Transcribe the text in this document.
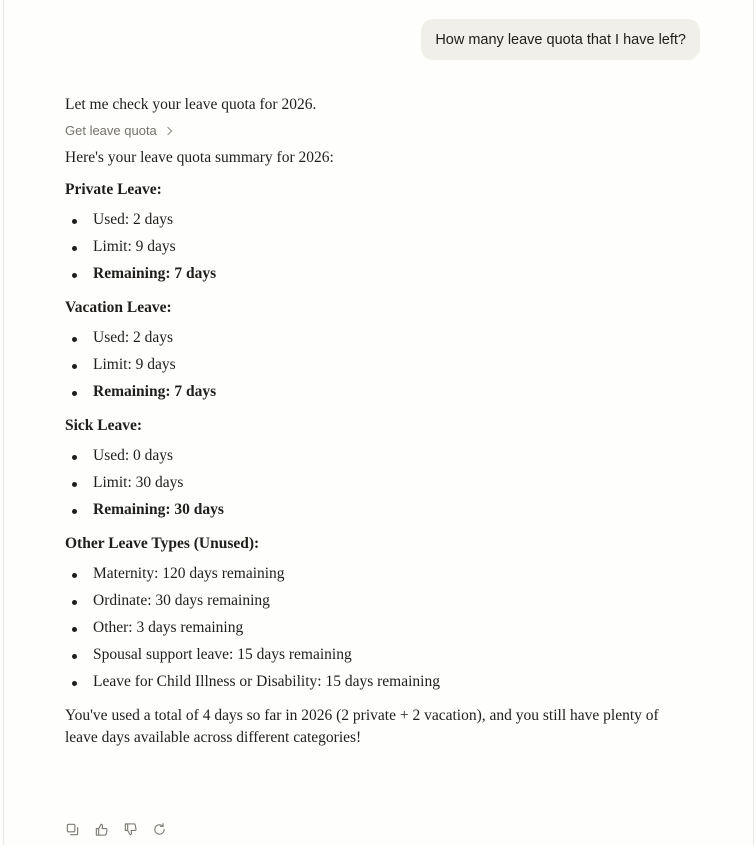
How many leave quota that I have left?

Let me check your leave quota for 2026.

Get leave quota

Here's your leave quota summary for 2026:

Private Leave:

Used: 2 days
Limit: 9 days
Remaining: 7 days

Vacation Leave:

Used: 2 days
Limit: 9 days
Remaining: 7 days

Sick Leave:

Used: 0 days
Limit: 30 days
Remaining: 30 days

Other Leave Types (Unused):

Maternity: 120 days remaining
Ordinate: 30 days remaining
Other: 3 days remaining
Spousal support leave: 15 days remaining
Leave for Child Illness or Disability: 15 days remaining

You've used a total of 4 days so far in 2026 (2 private + 2 vacation), and you still have plenty of leave days available across different categories!
